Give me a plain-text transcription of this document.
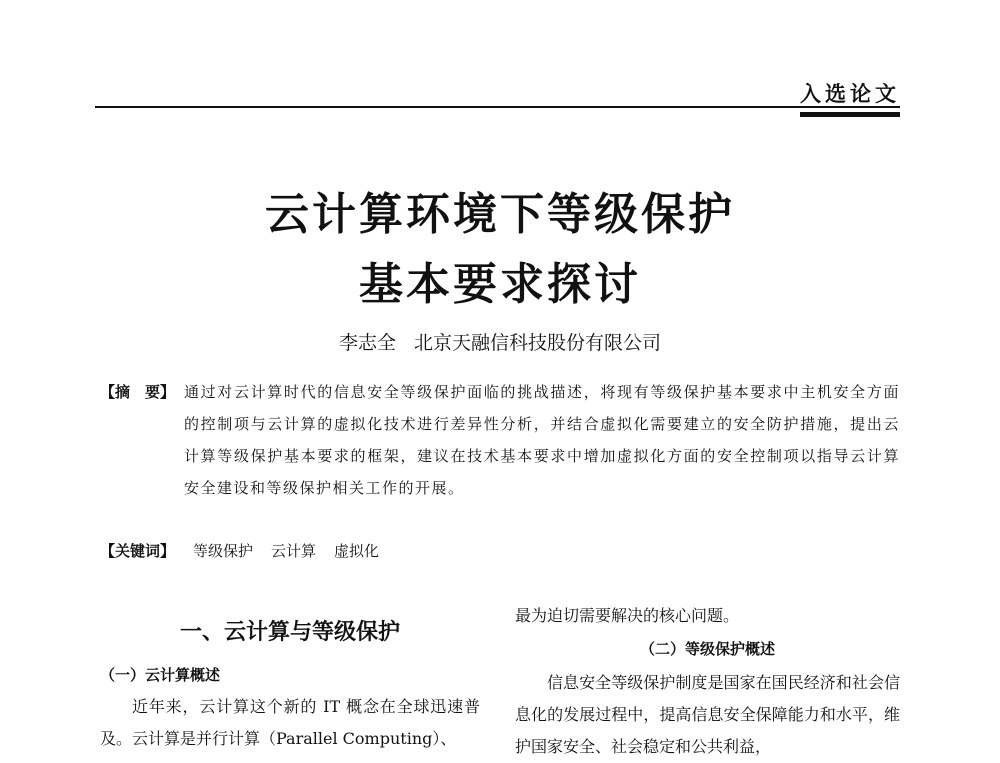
入选论文
云计算环境下等级保护
基本要求探讨
李志全 北京天融信科技股份有限公司
【摘　要】 通过对云计算时代的信息安全等级保护面临的挑战描述，将现有等级保护基本要求中主机安全方面的控制项与云计算的虚拟化技术进行差异性分析，并结合虚拟化需要建立的安全防护措施，提出云计算等级保护基本要求的框架，建议在技术基本要求中增加虚拟化方面的安全控制项以指导云计算安全建设和等级保护相关工作的开展。
【关键词】 等级保护 云计算 虚拟化
一、云计算与等级保护
（一）云计算概述

近年来，云计算这个新的 IT 概念在全球迅速普及。云计算是并行计算（Parallel Computing）、

最为迫切需要解决的核心问题。

（二）等级保护概述

信息安全等级保护制度是国家在国民经济和社会信息化的发展过程中，提高信息安全保障能力和水平，维护国家安全、社会稳定和公共利益，
